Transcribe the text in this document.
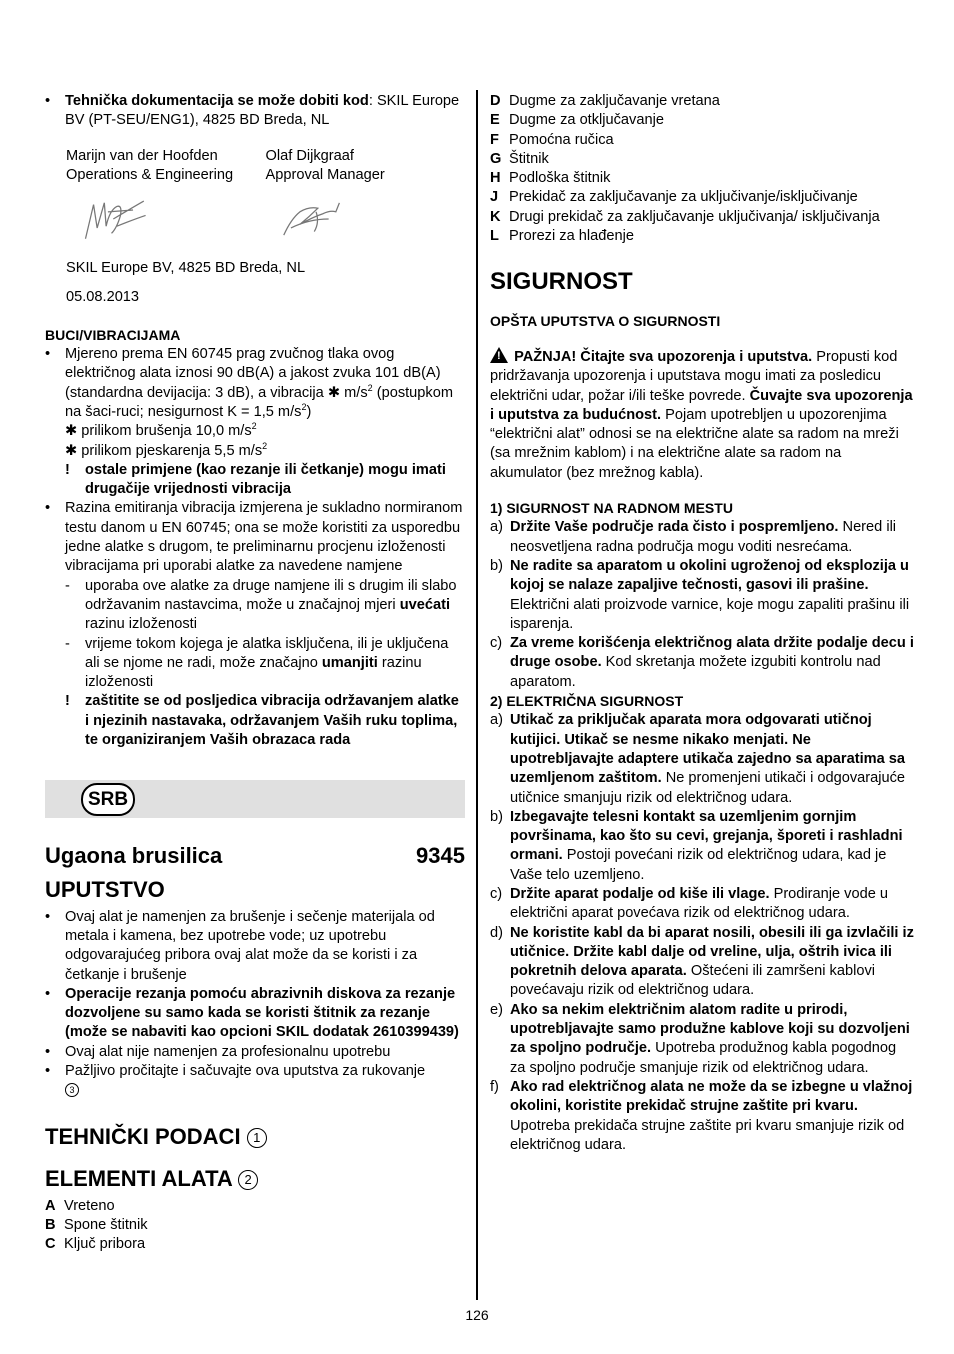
• Tehnička dokumentacija se može dobiti kod: SKIL Europe BV (PT-SEU/ENG1), 4825 BD Breda, NL

Marijn van der Hoofden

Operations & Engineering

Olaf Dijkgraaf

Approval Manager

SKIL Europe BV, 4825 BD Breda, NL

05.08.2013

BUCI/VIBRACIJAMA

• Mjereno prema EN 60745 prag zvučnog tlaka ovog električnog alata iznosi 90 dB(A) a jakost zvuka 101 dB(A) (standardna devijacija: 3 dB), a vibracija ✱ $m/s^2$ (postupkom na šaci-ruci; nesigurnost K = 1,5 $m/s^2$)
✱ prilikom brušenja 10,0 $m/s^2$
✱ prilikom pjeskarenja 5,5 $m/s^2$
! ostale primjene (kao rezanje ili četkanje) mogu imati drugačije vrijednosti vibracija
• Razina emitiranja vibracija izmjerena je sukladno normiranom testu danom u EN 60745; ona se može koristiti za usporedbu jedne alatke s drugom, te preliminarnu procjenu izloženosti vibracijama pri uporabi alatke za navedene namjene
- uporaba ove alatke za druge namjene ili s drugim ili slabo održavanim nastavcima, može u značajnoj mjeri uvećati razinu izloženosti
- vrijeme tokom kojega je alatka isključena, ili je uključena ali se njome ne radi, može značajno umanjiti razinu izloženosti
! zaštitite se od posljedica vibracija održavanjem alatke i njezinih nastavaka, održavanjem Vaših ruku toplima, te organiziranjem Vaših obrazaca rada
SRB
Ugaona brusilica	9345

UPUTSTVO

• Ovaj alat je namenjen za brušenje i sečenje materijala od metala i kamena, bez upotrebe vode; uz upotrebu odgovarajućeg pribora ovaj alat može da se koristi i za četkanje i brušenje
• Operacije rezanja pomoću abrazivnih diskova za rezanje dozvoljene su samo kada se koristi štitnik za rezanje (može se nabaviti kao opcioni SKIL dodatak 2610399439)
• Ovaj alat nije namenjen za profesionalnu upotrebu
• Pažljivo pročitajte i sačuvajte ova uputstva za rukovanje
3

TEHNIČKI PODACI 1

ELEMENTI ALATA 2

A Vreteno
B Spone štitnik
C Ključ pribora
D Dugme za zaključavanje vretana
E Dugme za otključavanje
F Pomoćna ručica
G Štitnik
H Podloška štitnik
J Prekidač za zaključavanje za uključivanje/isključivanje
K Drugi prekidač za zaključavanje uključivanja/ isključivanja
L Prorezi za hlađenje

SIGURNOST

OPŠTA UPUTSTVA O SIGURNOSTI

! PAŽNJA! Čitajte sva upozorenja i uputstva. Propusti kod pridržavanja upozorenja i uputstava mogu imati za posledicu električni udar, požar i/ili teške povrede. Čuvajte sva upozorenja i uputstva za budućnost. Pojam upotrebljen u upozorenjima “električni alat” odnosi se na električne alate sa radom na mreži (sa mrežnim kablom) i na električne alate sa radom na akumulator (bez mrežnog kabla).

1) SIGURNOST NA RADNOM MESTU

a) Držite Vaše područje rada čisto i pospremljeno. Nered ili neosvetljena radna područja mogu voditi nesrećama.
b) Ne radite sa aparatom u okolini ugroženoj od eksplozija u kojoj se nalaze zapaljive tečnosti, gasovi ili prašine. Električni alati proizvode varnice, koje mogu zapaliti prašinu ili isparenja.
c) Za vreme korišćenja električnog alata držite podalje decu i druge osobe. Kod skretanja možete izgubiti kontrolu nad aparatom.

2) ELEKTRIČNA SIGURNOST

a) Utikač za priključak aparata mora odgovarati utičnoj kutijici. Utikač se nesme nikako menjati. Ne upotrebljavajte adaptere utikača zajedno sa aparatima sa uzemljenom zaštitom. Ne promenjeni utikači i odgovarajuće utičnice smanjuju rizik od električnog udara.
b) Izbegavajte telesni kontakt sa uzemljenim gornjim površinama, kao što su cevi, grejanja, šporeti i rashladni ormani. Postoji povećani rizik od električnog udara, kad je Vaše telo uzemljeno.
c) Držite aparat podalje od kiše ili vlage. Prodiranje vode u električni aparat povećava rizik od električnog udara.
d) Ne koristite kabl da bi aparat nosili, obesili ili ga izvlačili iz utičnice. Držite kabl dalje od vreline, ulja, oštrih ivica ili pokretnih delova aparata. Oštećeni ili zamršeni kablovi povećavaju rizik od električnog udara.
e) Ako sa nekim električnim alatom radite u prirodi, upotrebljavajte samo produžne kablove koji su dozvoljeni za spoljno područje. Upotreba produžnog kabla pogodnog za spoljno područje smanjuje rizik od električnog udara.
f) Ako rad električnog alata ne može da se izbegne u vlažnoj okolini, koristite prekidač strujne zaštite pri kvaru. Upotreba prekidača strujne zaštite pri kvaru smanjuje rizik od električnog udara.
126
